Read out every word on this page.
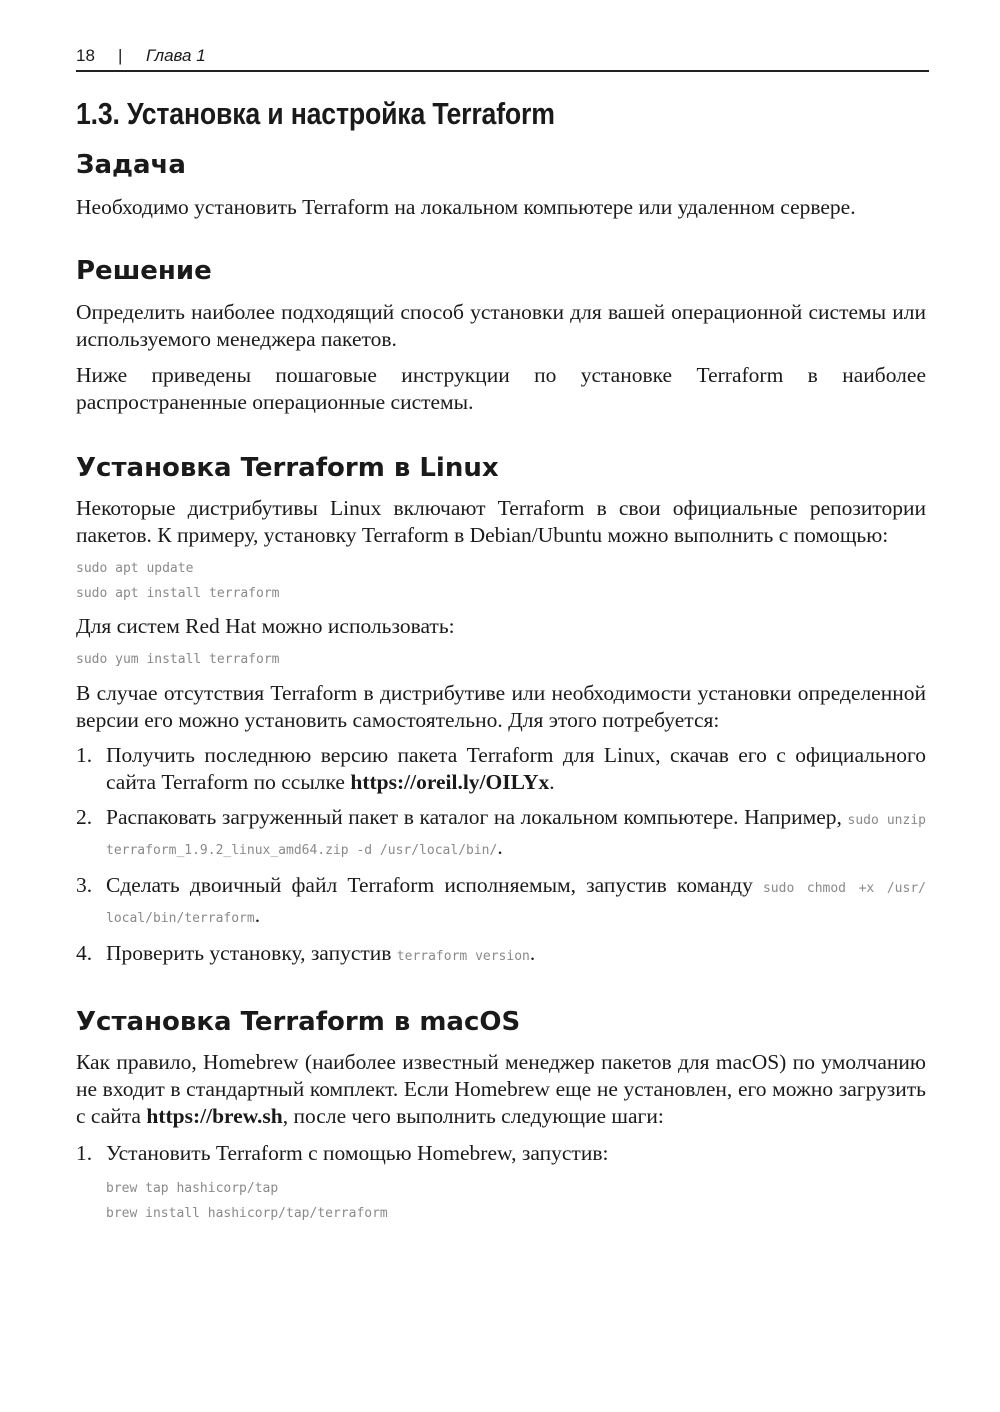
18 | Глава 1
1.3. Установка и настройка Terraform
Задача

Необходимо установить Terraform на локальном компьютере или удаленном сервере.

Решение

Определить наиболее подходящий способ установки для вашей операционной системы или используемого менеджера пакетов.

Ниже приведены пошаговые инструкции по установке Terraform в наиболее распространенные операционные системы.

Установка Terraform в Linux

Некоторые дистрибутивы Linux включают Terraform в свои официальные репозитории пакетов. К примеру, установку Terraform в Debian/Ubuntu можно выполнить с помощью:

sudo apt update

sudo apt install terraform

Для систем Red Hat можно использовать:

sudo yum install terraform

В случае отсутствия Terraform в дистрибутиве или необходимости установки определенной версии его можно установить самостоятельно. Для этого потребуется:

1. Получить последнюю версию пакета Terraform для Linux, скачав его с официального сайта Terraform по ссылке https://oreil.ly/OILYx.
2. Распаковать загруженный пакет в каталог на локальном компьютере. Например, sudo unzip terraform_1.9.2_linux_amd64.zip -d /usr/local/bin/.
3. Сделать двоичный файл Terraform исполняемым, запустив команду sudo chmod +x /usr/ local/bin/terraform.
4. Проверить установку, запустив terraform version.
Установка Terraform в macOS

Как правило, Homebrew (наиболее известный менеджер пакетов для macOS) по умолчанию не входит в стандартный комплект. Если Homebrew еще не установлен, его можно загрузить с сайта https://brew.sh, после чего выполнить следующие шаги:

1. Установить Terraform с помощью Homebrew, запустив:

brew tap hashicorp/tap

brew install hashicorp/tap/terraform
